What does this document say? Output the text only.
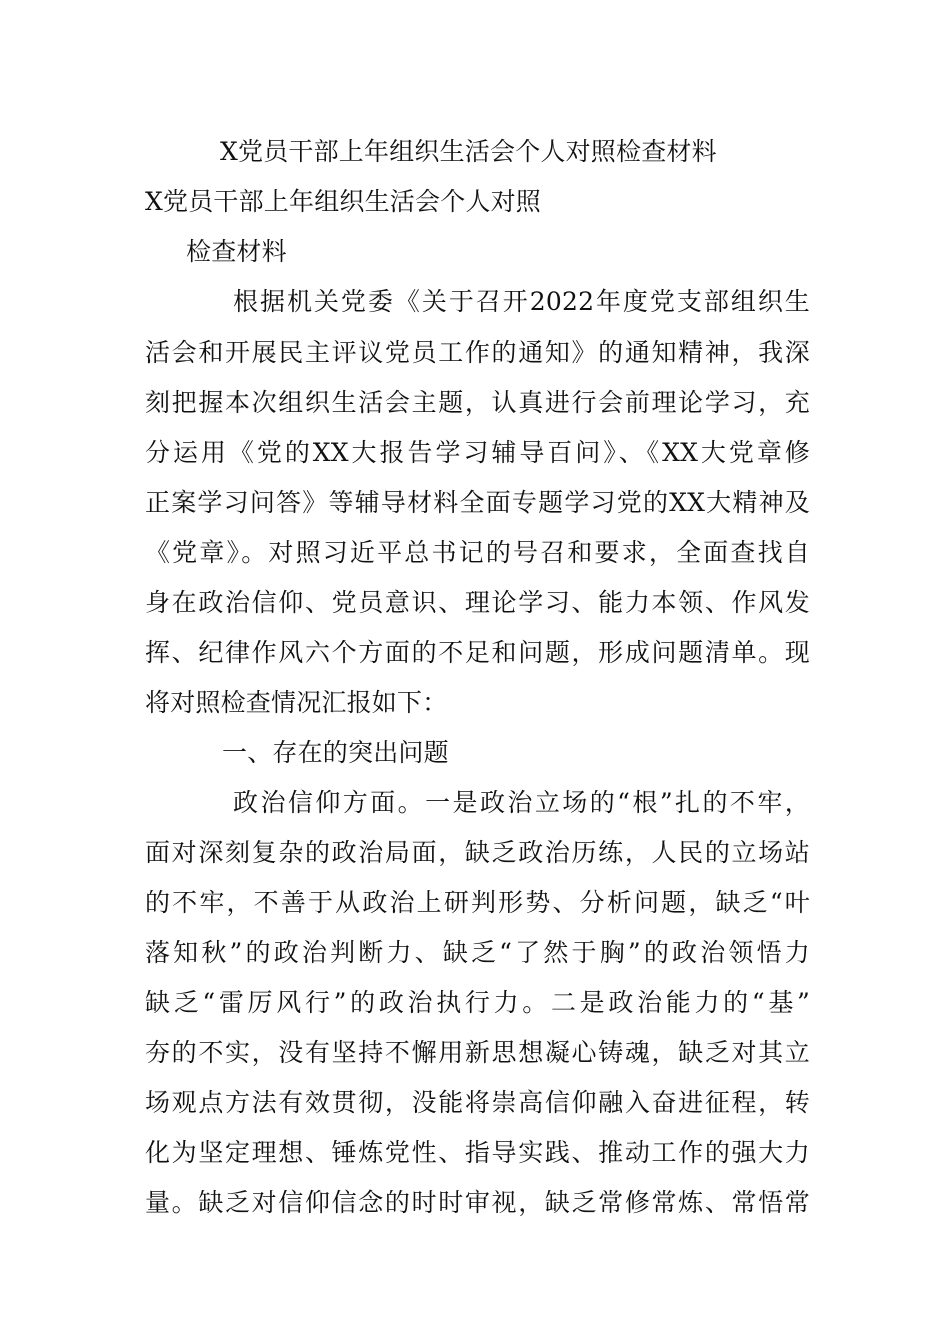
X党员干部上年组织生活会个人对照检查材料
X党员干部上年组织生活会个人对照
检查材料
根据机关党委《关于召开2022年度党支部组织生
活会和开展民主评议党员工作的通知》的通知精神，我深
刻把握本次组织生活会主题，认真进行会前理论学习，充
分运用《党的XX大报告学习辅导百问》、《XX大党章修
正案学习问答》等辅导材料全面专题学习党的XX大精神及
《党章》。对照习近平总书记的号召和要求，全面查找自
身在政治信仰、党员意识、理论学习、能力本领、作风发
挥、纪律作风六个方面的不足和问题，形成问题清单。现
将对照检查情况汇报如下：
一、存在的突出问题
政治信仰方面。一是政治立场的“根”扎的不牢，
面对深刻复杂的政治局面，缺乏政治历练，人民的立场站
的不牢，不善于从政治上研判形势、分析问题，缺乏“叶
落知秋”的政治判断力、缺乏“了然于胸”的政治领悟力
缺乏“雷厉风行”的政治执行力。二是政治能力的“基”
夯的不实，没有坚持不懈用新思想凝心铸魂，缺乏对其立
场观点方法有效贯彻，没能将崇高信仰融入奋进征程，转
化为坚定理想、锤炼党性、指导实践、推动工作的强大力
量。缺乏对信仰信念的时时审视，缺乏常修常炼、常悟常
